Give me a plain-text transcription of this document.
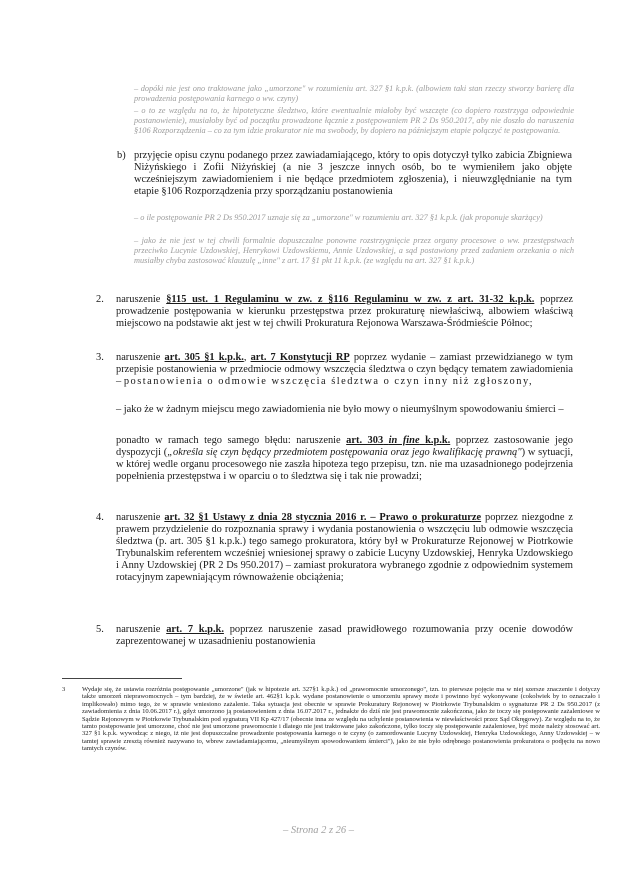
– dopóki nie jest ono traktowane jako „umorzone" w rozumieniu art. 327 §1 k.p.k. (albowiem taki stan rzeczy stworzy barierę dla prowadzenia postępowania karnego o ww. czyny)

– o to ze względu na to, że hipotetyczne śledztwo, które ewentualnie miałoby być wszczęte (co dopiero rozstrzyga odpowiednie postanowienie), musiałoby być od początku prowadzone łącznie z postępowaniem PR 2 Ds 950.2017, aby nie doszło do naruszenia §106 Rozporządzenia – co za tym idzie prokurator nie ma swobody, by dopiero na późniejszym etapie połączyć te postępowania.

b) przyjęcie opisu czynu podanego przez zawiadamiającego, który to opis dotyczył tylko zabicia Zbigniewa Niżyńskiego i Zofii Niżyńskiej (a nie 3 jeszcze innych osób, bo te wymieniłem jako objęte wcześniejszym zawiadomieniem i nie będące przedmiotem zgłoszenia), i nieuwzględnianie na tym etapie §106 Rozporządzenia przy sporządzaniu postanowienia

– o ile postępowanie PR 2 Ds 950.2017 uznaje się za „umorzone" w rozumieniu art. 327 §1 k.p.k. (jak proponuje skarżący)

– jako że nie jest w tej chwili formalnie dopuszczalne ponowne rozstrzygnięcie przez organy procesowe o ww. przestępstwach przeciwko Lucynie Uzdowskiej, Henrykowi Uzdowskiemu, Annie Uzdowskiej, a sąd postawiony przed zadaniem orzekania o nich musiałby chyba zastosować klauzulę „inne" z art. 17 §1 pkt 11 k.p.k. (ze względu na art. 327 §1 k.p.k.)

2. naruszenie §115 ust. 1 Regulaminu w zw. z §116 Regulaminu w zw. z art. 31-32 k.p.k. poprzez prowadzenie postępowania w kierunku przestępstwa przez prokuraturę niewłaściwą, albowiem właściwą miejscowo na podstawie akt jest w tej chwili Prokuratura Rejonowa Warszawa-Śródmieście Północ;

3. naruszenie art. 305 §1 k.p.k., art. 7 Konstytucji RP poprzez wydanie – zamiast przewidzianego w tym przepisie postanowienia w przedmiocie odmowy wszczęcia śledztwa o czyn będący tematem zawiadomienia – postanowienia o odmowie wszczęcia śledztwa o czyn inny niż zgłoszony,

– jako że w żadnym miejscu mego zawiadomienia nie było mowy o nieumyślnym spowodowaniu śmierci –

ponadto w ramach tego samego błędu: naruszenie art. 303 in fine k.p.k. poprzez zastosowanie jego dyspozycji („określa się czyn będący przedmiotem postępowania oraz jego kwalifikację prawną") w sytuacji, w której wedle organu procesowego nie zaszła hipoteza tego przepisu, tzn. nie ma uzasadnionego podejrzenia popełnienia przestępstwa i w oparciu o to śledztwa się i tak nie prowadzi;

4. naruszenie art. 32 §1 Ustawy z dnia 28 stycznia 2016 r. – Prawo o prokuraturze poprzez niezgodne z prawem przydzielenie do rozpoznania sprawy i wydania postanowienia o wszczęciu lub odmowie wszczęcia śledztwa (p. art. 305 §1 k.p.k.) tego samego prokuratora, który był w Prokuraturze Rejonowej w Piotrkowie Trybunalskim referentem wcześniej wniesionej sprawy o zabicie Lucyny Uzdowskiej, Henryka Uzdowskiego i Anny Uzdowskiej (PR 2 Ds 950.2017) – zamiast prokuratora wybranego zgodnie z odpowiednim systemem rotacyjnym zapewniającym równoważenie obciążenia;

5. naruszenie art. 7 k.p.k. poprzez naruszenie zasad prawidłowego rozumowania przy ocenie dowodów zaprezentowanej w uzasadnieniu postanowienia

3	Wydaje się, że ustawia rozróżnia postępowanie „umorzone" (jak w hipotezie art. 327§1 k.p.k.) od „prawomocnie umorzonego", tzn. to pierwsze pojęcie ma w niej szersze znaczenie i dotyczy także umorzeń nieprawomocnych – tym bardziej, że w świetle art. 462§1 k.p.k. wydane postanowienie o umorzeniu sprawy może i powinno być wykonywane (cokolwiek by to oznaczało i implikowało) mimo tego, że w sprawie wniesiono zażalenie. Taka sytuacja jest obecnie w sprawie Prokuratury Rejonowej w Piotrkowie Trybunalskim o sygnaturze PR 2 Ds 950.2017 (z zawiadomienia z dnia 10.06.2017 r.), gdyż umorzono ją postanowieniem z dnia 16.07.2017 r., jednakże do dziś nie jest prawomocnie zakończona, jako że toczy się postępowanie zażaleniowe w Sądzie Rejonowym w Piotrkowie Trybunalskim pod sygnaturą VII Kp 427/17 (obecnie inna ze względu na uchylenie postanowienia w niewłaściwości przez Sąd Okręgowy). Ze względu na to, że tamto postępowanie jest umorzone, choć nie jest umorzone prawomocnie i dlatego nie jest traktowane jako zakończone, tylko toczy się postępowanie zażaleniowe, być może należy stosować art. 327 §1 k.p.k. wywodząc z niego, iż nie jest dopuszczalne prowadzenie postępowania karnego o te czyny (o zamordowanie Lucyny Uzdowskiej, Henryka Uzdowskiego, Anny Uzdowskiej – w tamtej sprawie zresztą również nazywano to, wbrew zawiadamiającemu, „nieumyślnym spowodowaniem śmierci"), jako że nie było odrębnego postanowienia prokuratora o podjęciu na nowo tamtych czynów.

– Strona 2 z 26 –
